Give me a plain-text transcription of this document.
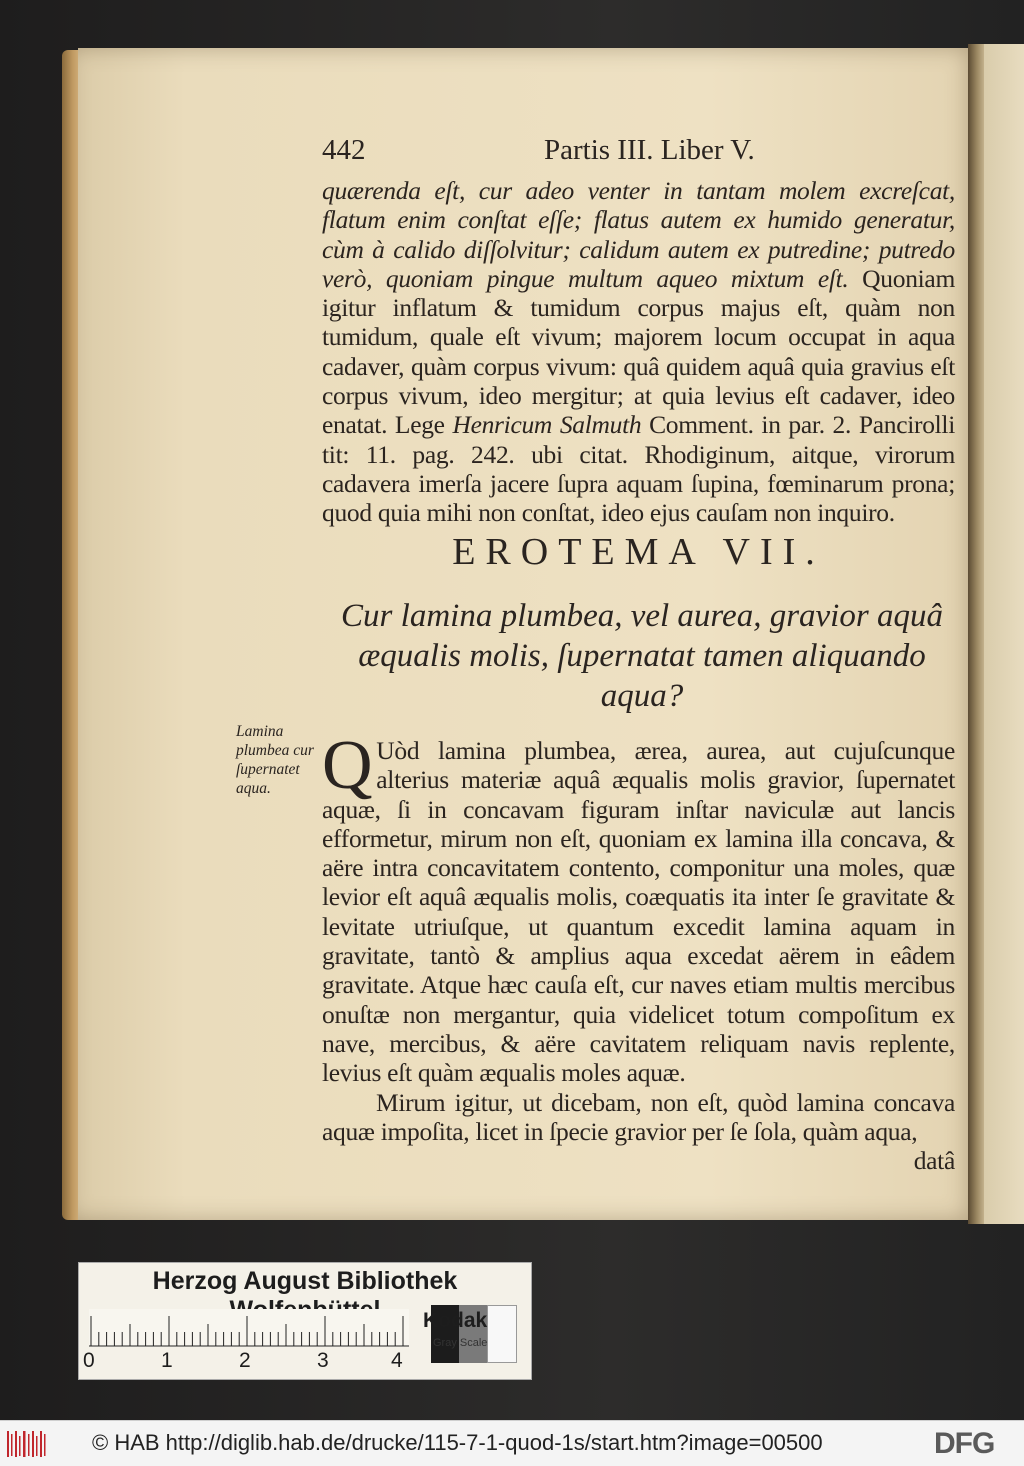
442	Partis III. Liber V.

quærenda eſt, cur adeo venter in tantam molem excreſcat, flatum enim conſtat eſſe; flatus autem ex humido generatur, cùm à calido diſſolvitur; calidum autem ex putredine; putredo verò, quoniam pingue multum aqueo mixtum eſt. Quoniam igitur inflatum & tumidum corpus majus eſt, quàm non tumidum, quale eſt vivum; majorem locum occupat in aqua cadaver, quàm corpus vivum: quâ quidem aquâ quia gravius eſt corpus vivum, ideo mergitur; at quia levius eſt cadaver, ideo enatat. Lege Henricum Salmuth Comment. in par. 2. Pancirolli tit: 11. pag. 242. ubi citat. Rhodiginum, aitque, virorum cadavera imerſa jacere ſupra aquam ſupina, fœminarum prona; quod quia mihi non conſtat, ideo ejus cauſam non inquiro.

EROTEMA VII.
Cur lamina plumbea, vel aurea, gravior aquâ æqualis molis, ſupernatat tamen aliquando aqua?
Lamina plumbea cur ſupernatet aqua. Q Uòd lamina plumbea, ærea, aurea, aut cujuſcunque alterius materiæ aquâ æqualis molis gravior, ſupernatet aquæ, ſi in concavam figuram inſtar naviculæ aut lancis efformetur, mirum non eſt, quoniam ex lamina illa concava, & aëre intra concavitatem contento, componitur una moles, quæ levior eſt aquâ æqualis molis, coæquatis ita inter ſe gravitate & levitate utriuſque, ut quantum excedit lamina aquam in gravitate, tantò & amplius aqua excedat aërem in eâdem gravitate. Atque hæc cauſa eſt, cur naves etiam multis mercibus onuſtæ non mergantur, quia videlicet totum compoſitum ex nave, mercibus, & aëre cavitatem reliquam navis replente, levius eſt quàm æqualis moles aquæ.

Mirum igitur, ut dicebam, non eſt, quòd lamina concava aquæ impoſita, licet in ſpecie gravior per ſe ſola, quàm aqua,

datâ

Herzog August Bibliothek
Kodak
Gray Scale
0	1	2	3	4
© HAB http://diglib.hab.de/drucke/115-7-1-quod-1s/start.htm?image=00500	DFG
